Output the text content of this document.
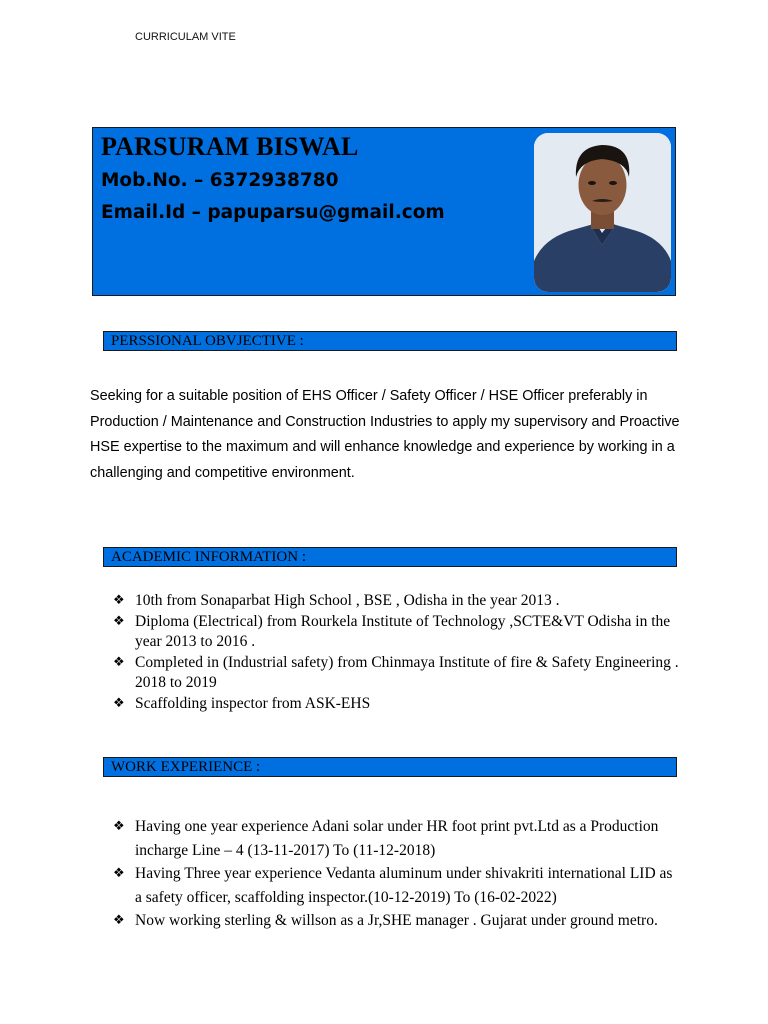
CURRICULAM VITE
PARSURAM BISWAL
Mob.No. – 6372938780
Email.Id – papuparsu@gmail.com
PERSSIONAL OBVJECTIVE :

Seeking for a suitable position of EHS Officer / Safety Officer / HSE Officer preferably in Production / Maintenance and Construction Industries to apply my supervisory and Proactive HSE expertise to the maximum and will enhance knowledge and experience by working in a challenging and competitive environment.

ACADEMIC INFORMATION :
❖ 10th from Sonaparbat High School , BSE , Odisha in the year 2013 .
❖ Diploma (Electrical) from Rourkela Institute of Technology ,SCTE&VT Odisha in the year 2013 to 2016 .
❖ Completed in (Industrial safety) from Chinmaya Institute of fire & Safety Engineering . 2018 to 2019
❖ Scaffolding inspector from ASK-EHS
WORK EXPERIENCE :
❖ Having one year experience Adani solar under HR foot print pvt.Ltd as a Production incharge Line – 4 (13-11-2017) To (11-12-2018)
❖ Having Three year experience Vedanta aluminum under shivakriti international LID as a safety officer, scaffolding inspector.(10-12-2019) To (16-02-2022)
❖ Now working sterling & willson as a Jr,SHE manager . Gujarat under ground metro.
